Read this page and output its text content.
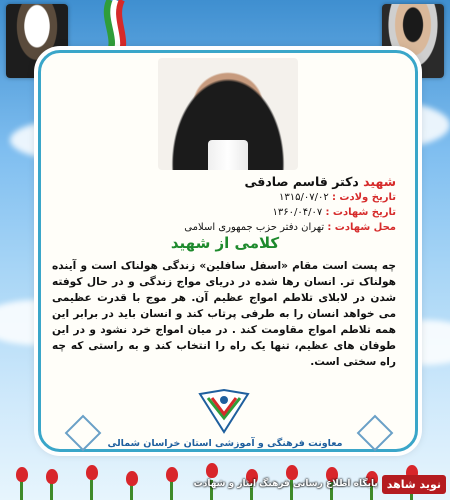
شهید دکتر قاسم صادقی
تاریخ ولادت : ۱۳۱۵/۰۷/۰۲
تاریخ شهادت : ۱۳۶۰/۰۴/۰۷
محل شهادت : تهران دفتر حزب جمهوری اسلامی
کلامی از شهید
چه پست است مقام «اسفل سافلین» زندگی هولناک است و آینده هولناک تر. انسان رها شده در دریای مواج زندگی و در حال کوفته شدن در لابلای تلاطم امواج عظیم آن. هر موج با قدرت عظیمی می خواهد انسان را به طرفی پرتاب کند و انسان باید در برابر این همه تلاطم امواج مقاومت کند . در میان امواج خرد نشود و در این طوفان های عظیم، تنها یک راه را انتخاب کند و به راستی که چه راه سختی است.
معاونت فرهنگی و آموزشی استان خراسان شمالی
نوید شاهد
پایگاه اطلاع رسانی فرهنگ ایثار و شهادت
